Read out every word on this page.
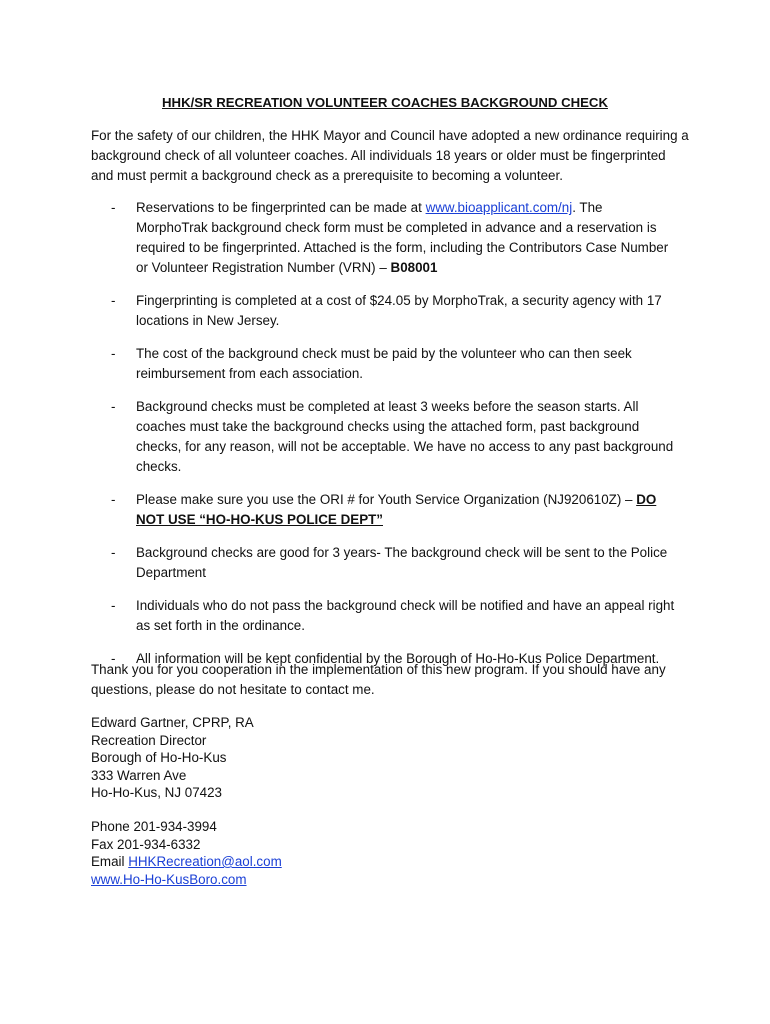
HHK/SR RECREATION VOLUNTEER COACHES BACKGROUND CHECK

For the safety of our children, the HHK Mayor and Council have adopted a new ordinance requiring a background check of all volunteer coaches. All individuals 18 years or older must be fingerprinted and must permit a background check as a prerequisite to becoming a volunteer.

- Reservations to be fingerprinted can be made at www.bioapplicant.com/nj. The MorphoTrak background check form must be completed in advance and a reservation is required to be fingerprinted. Attached is the form, including the Contributors Case Number or Volunteer Registration Number (VRN) – B08001
- Fingerprinting is completed at a cost of $24.05 by MorphoTrak, a security agency with 17 locations in New Jersey.
- The cost of the background check must be paid by the volunteer who can then seek reimbursement from each association.
- Background checks must be completed at least 3 weeks before the season starts. All coaches must take the background checks using the attached form, past background checks, for any reason, will not be acceptable. We have no access to any past background checks.
- Please make sure you use the ORI # for Youth Service Organization (NJ920610Z) – DO NOT USE “HO-HO-KUS POLICE DEPT”
- Background checks are good for 3 years- The background check will be sent to the Police Department
- Individuals who do not pass the background check will be notified and have an appeal right as set forth in the ordinance.
- All information will be kept confidential by the Borough of Ho-Ho-Kus Police Department.

Thank you for you cooperation in the implementation of this new program. If you should have any questions, please do not hesitate to contact me.

Edward Gartner, CPRP, RA
Recreation Director
Borough of Ho-Ho-Kus
333 Warren Ave
Ho-Ho-Kus, NJ 07423
Phone 201-934-3994
Fax 201-934-6332
Email HHKRecreation@aol.com
www.Ho-Ho-KusBoro.com
